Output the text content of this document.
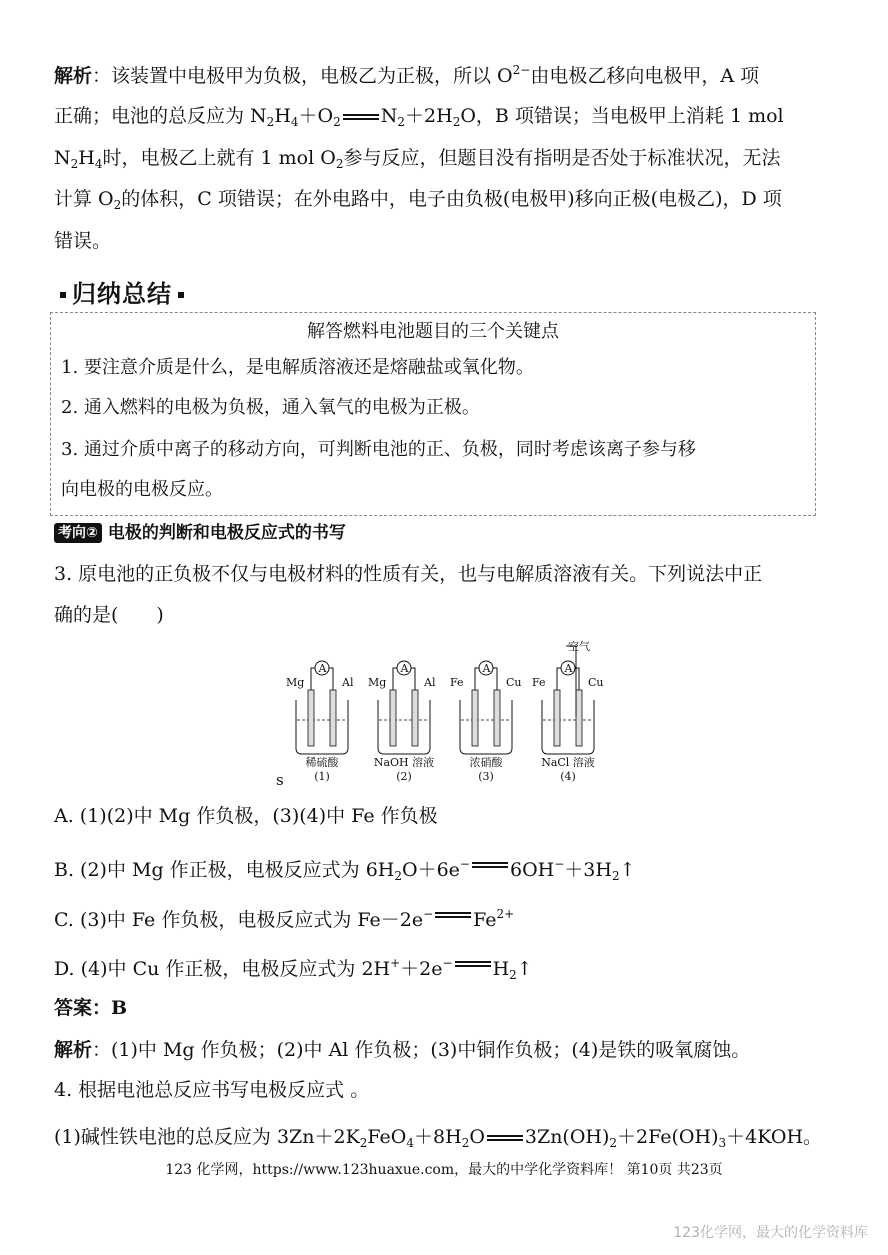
解析：该装置中电极甲为负极，电极乙为正极，所以 $O^{2-}$由电极乙移向电极甲，A 项
正确；电池的总反应为 $N_2H_4+O_2$ $N_2+2H_2O$，B 项错误；当电极甲上消耗 1 mol
$N_2H_4$时，电极乙上就有 1 mol $O_2$参与反应，但题目没有指明是否处于标准状况，无法
计算 $O_2$的体积，C 项错误；在外电路中，电子由负极(电极甲)移向正极(电极乙)，D 项
错误。
归纳总结
解答燃料电池题目的三个关键点
1. 要注意介质是什么，是电解质溶液还是熔融盐或氧化物。
2. 通入燃料的电极为负极，通入氧气的电极为正极。
3. 通过介质中离子的移动方向，可判断电池的正、负极，同时考虑该离子参与移
向电极的电极反应。
考向② 电极的判断和电极反应式的书写
3. 原电池的正负极不仅与电极材料的性质有关，也与电解质溶液有关。下列说法中正
确的是(　　)
A
Mg	Al
稀硫酸
(1)
A
Mg	Al
NaOH 溶液
(2)
A
Fe	Cu
浓硝酸
(3)
A
Fe	Cu
NaCl 溶液
(4)
空气
s
A. (1)(2)中 Mg 作负极，(3)(4)中 Fe 作负极
B. (2)中 Mg 作正极，电极反应式为 $6H_2O+6e^-$ $6OH^-+3H_2↑$
C. (3)中 Fe 作负极，电极反应式为 Fe－2e− $Fe^{2+}$
D. (4)中 Cu 作正极，电极反应式为 2H+＋2e− $H_2↑$
答案：B
解析：(1)中 Mg 作负极；(2)中 Al 作负极；(3)中铜作负极；(4)是铁的吸氧腐蚀。
4. 根据电池总反应书写电极反应式 。
(1)碱性铁电池的总反应为 $3Zn+2K_2FeO_4+8H_2O$ $3Zn(OH)_2+2Fe(OH)_3+4KOH$。
123 化学网，https://www.123huaxue.com，最大的中学化学资料库！ 第10页 共23页
123化学网，最大的化学资料库
